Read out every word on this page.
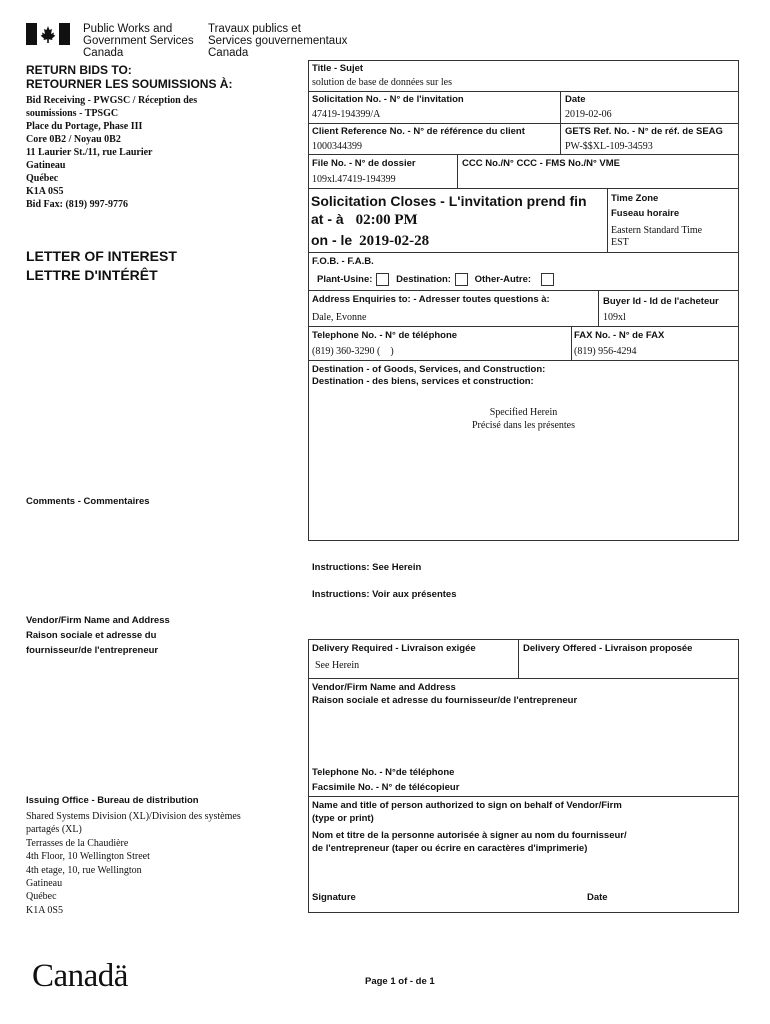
Public Works and
Government Services
Canada
Travaux publics et
Services gouvernementaux
Canada
RETURN BIDS TO:
RETOURNER LES SOUMISSIONS À:
Bid Receiving - PWGSC / Réception des
soumissions - TPSGC
Place du Portage, Phase III
Core 0B2 / Noyau 0B2
11 Laurier St./11, rue Laurier
Gatineau
Québec
K1A 0S5
Bid Fax: (819) 997-9776
LETTER OF INTEREST
LETTRE D'INTÉRÊT
Comments - Commentaires
Vendor/Firm Name and Address
Raison sociale et adresse du
fournisseur/de l'entrepreneur
Issuing Office - Bureau de distribution
Shared Systems Division (XL)/Division des systèmes
partagés (XL)
Terrasses de la Chaudière
4th Floor, 10 Wellington Street
4th etage, 10, rue Wellington
Gatineau
Québec
K1A 0S5
Title - Sujet
solution de base de données sur les
Solicitation No. - N° de l'invitation
47419-194399/A
Date
2019-02-06
Client Reference No. - N° de référence du client
1000344399
GETS Ref. No. - N° de réf. de SEAG
PW-$$XL-109-34593
File No. - N° de dossier
109xl.47419-194399
CCC No./N° CCC - FMS No./N° VME
Solicitation Closes - L'invitation prend fin
at - à 02:00 PM
on - le 2019-02-28
Time Zone
Fuseau horaire
Eastern Standard Time
EST
F.O.B. - F.A.B.
Plant-Usine: Destination: Other-Autre:
Address Enquiries to: - Adresser toutes questions à:
Dale, Evonne
Buyer Id - Id de l'acheteur
109xl
Telephone No. - N° de téléphone
(819) 360-3290 (    )
FAX No. - N° de FAX
(819) 956-4294
Destination - of Goods, Services, and Construction:
Destination - des biens, services et construction:
Specified Herein
Précisé dans les présentes
Instructions: See Herein
Instructions: Voir aux présentes
Delivery Required - Livraison exigée
See Herein
Delivery Offered - Livraison proposée
Vendor/Firm Name and Address
Raison sociale et adresse du fournisseur/de l'entrepreneur
Telephone No. - N°de téléphone
Facsimile No. - N° de télécopieur
Name and title of person authorized to sign on behalf of Vendor/Firm
(type or print)
Nom et titre de la personne autorisée à signer au nom du fournisseur/
de l'entrepreneur (taper ou écrire en caractères d'imprimerie)
Signature	Date
Canadä	Page 1 of - de 1
